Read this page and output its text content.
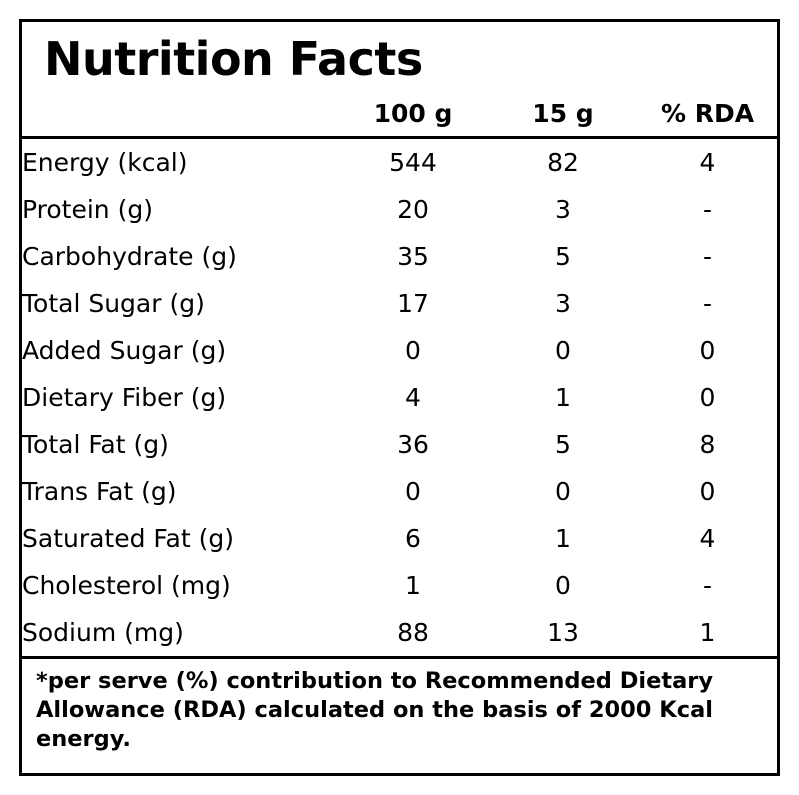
Nutrition Facts
	100 g	15 g	% RDA
Energy (kcal)	544	82	4
Protein (g)	20	3	-
Carbohydrate (g)	35	5	-
Total Sugar (g)	17	3	-
Added Sugar (g)	0	0	0
Dietary Fiber (g)	4	1	0
Total Fat (g)	36	5	8
Trans Fat (g)	0	0	0
Saturated Fat (g)	6	1	4
Cholesterol (mg)	1	0	-
Sodium (mg)	88	13	1
*per serve (%) contribution to Recommended Dietary Allowance (RDA) calculated on the basis of 2000 Kcal energy.
